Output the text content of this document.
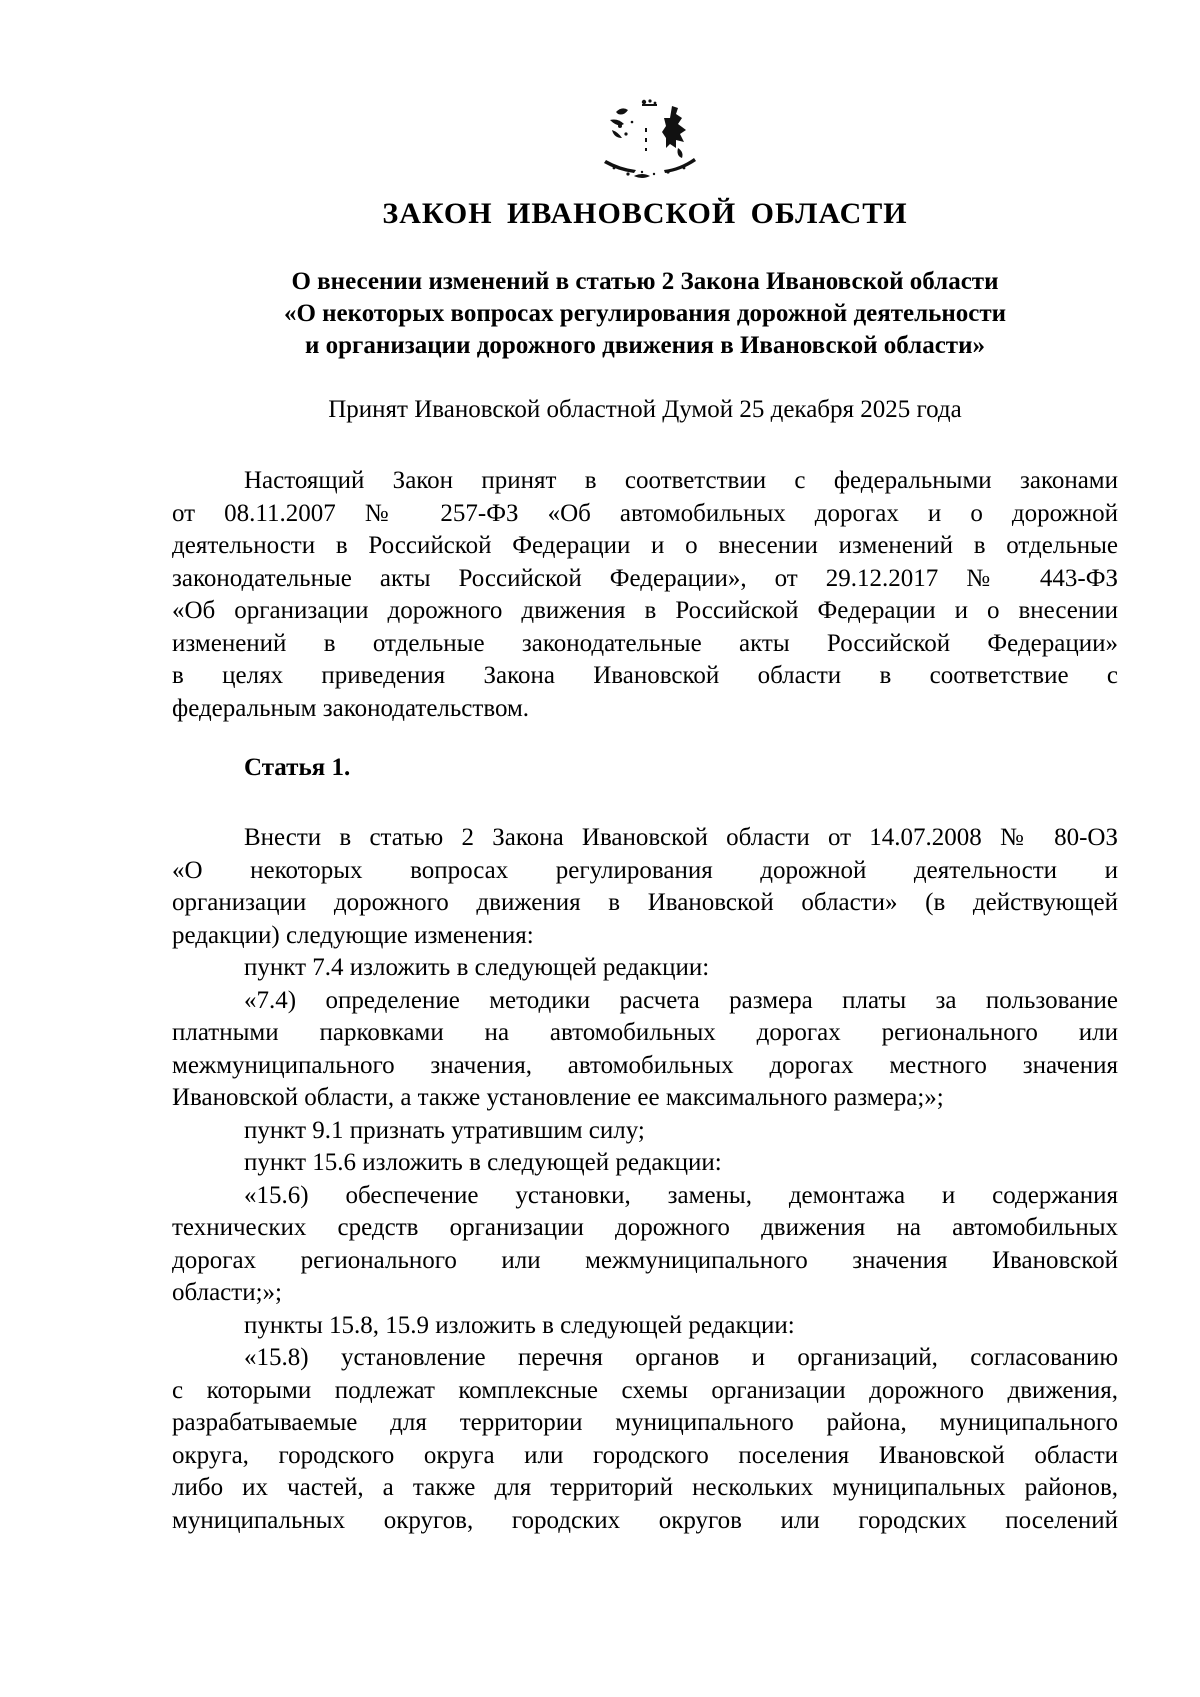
ЗАКОН ИВАНОВСКОЙ ОБЛАСТИ
О внесении изменений в статью 2 Закона Ивановской области
«О некоторых вопросах регулирования дорожной деятельности
и организации дорожного движения в Ивановской области»
Принят Ивановской областной Думой 25 декабря 2025 года
Настоящий Закон принят в соответствии с федеральными законами
от 08.11.2007 № 257-ФЗ «Об автомобильных дорогах и о дорожной
деятельности в Российской Федерации и о внесении изменений в отдельные
законодательные акты Российской Федерации», от 29.12.2017 № 443-ФЗ
«Об организации дорожного движения в Российской Федерации и о внесении
изменений в отдельные законодательные акты Российской Федерации»
в целях приведения Закона Ивановской области в соответствие с
федеральным законодательством.
Статья 1.
Внести в статью 2 Закона Ивановской области от 14.07.2008 № 80-ОЗ
«О некоторых вопросах регулирования дорожной деятельности и
организации дорожного движения в Ивановской области» (в действующей
редакции) следующие изменения:
пункт 7.4 изложить в следующей редакции:
«7.4) определение методики расчета размера платы за пользование
платными парковками на автомобильных дорогах регионального или
межмуниципального значения, автомобильных дорогах местного значения
Ивановской области, а также установление ее максимального размера;»;
пункт 9.1 признать утратившим силу;
пункт 15.6 изложить в следующей редакции:
«15.6) обеспечение установки, замены, демонтажа и содержания
технических средств организации дорожного движения на автомобильных
дорогах регионального или межмуниципального значения Ивановской
области;»;
пункты 15.8, 15.9 изложить в следующей редакции:
«15.8) установление перечня органов и организаций, согласованию
с которыми подлежат комплексные схемы организации дорожного движения,
разрабатываемые для территории муниципального района, муниципального
округа, городского округа или городского поселения Ивановской области
либо их частей, а также для территорий нескольких муниципальных районов,
муниципальных округов, городских округов или городских поселений
